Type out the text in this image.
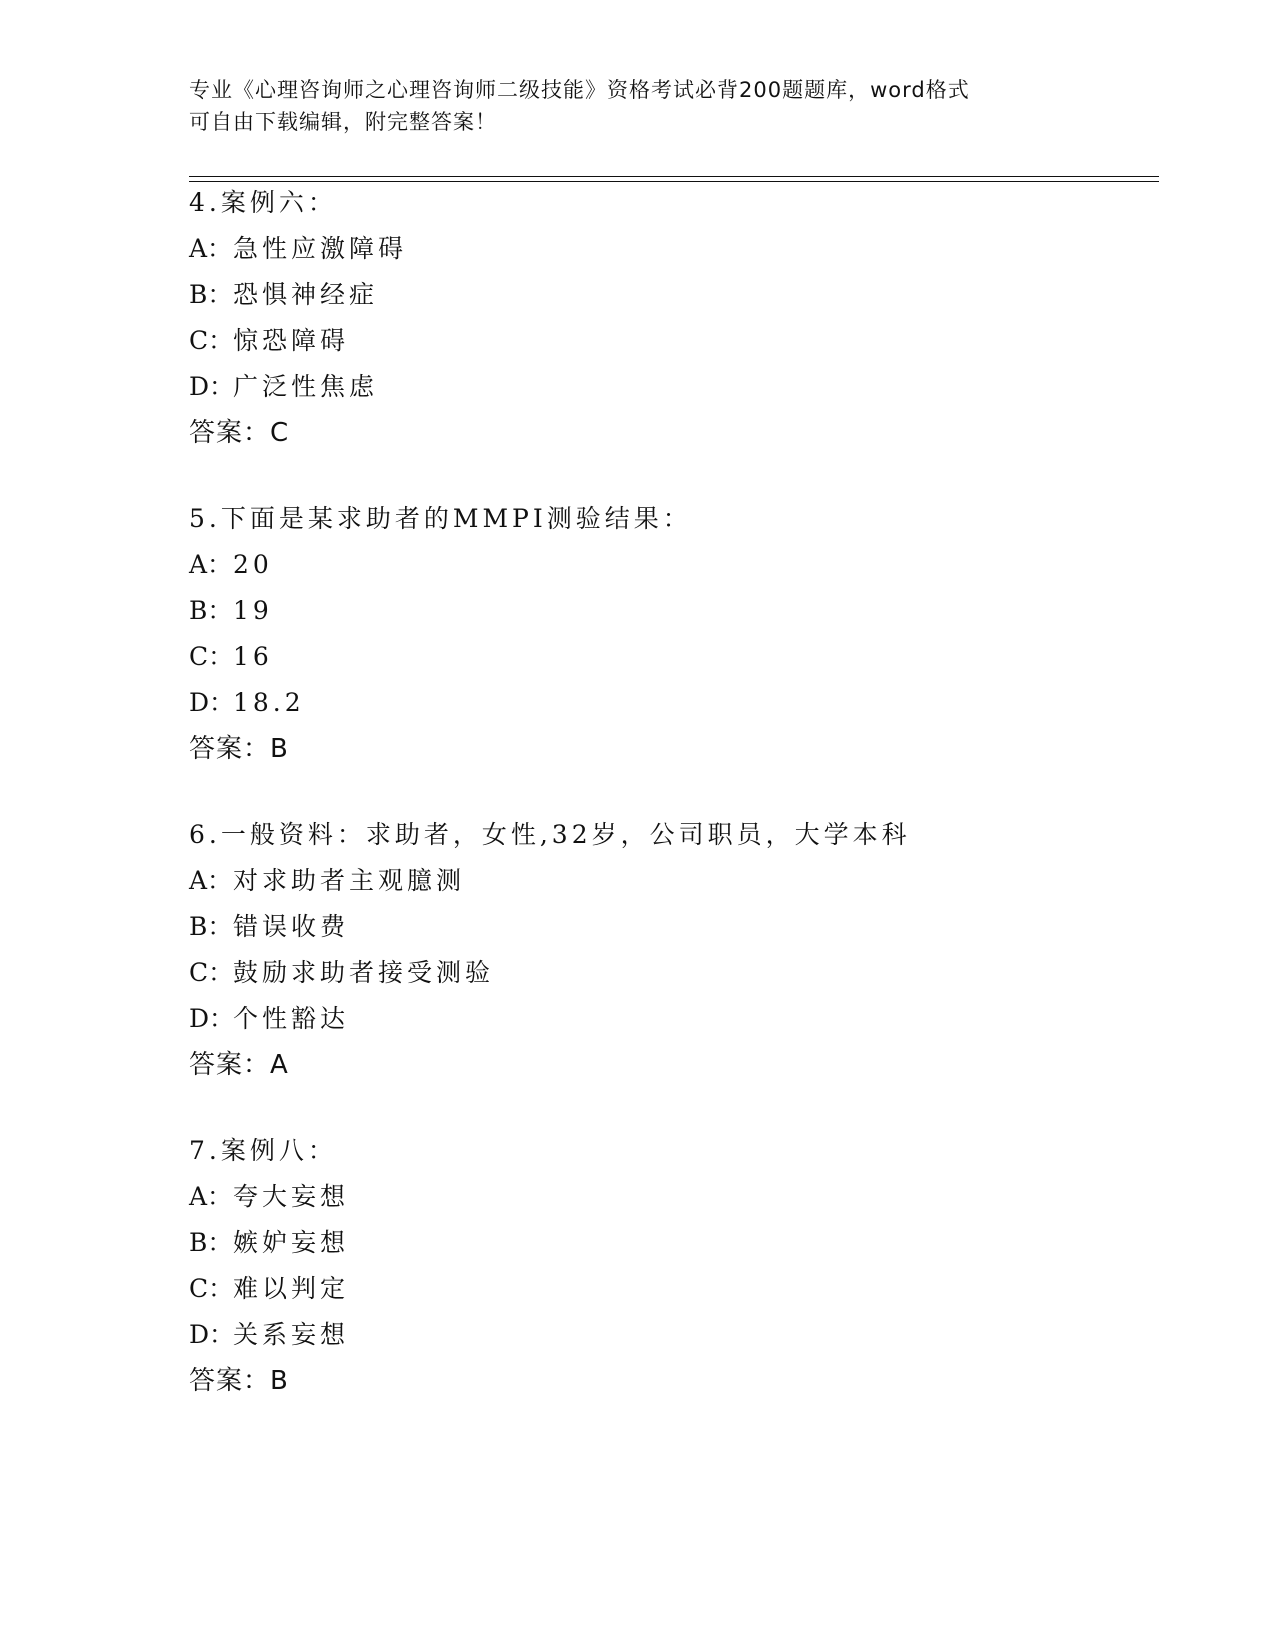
专业《心理咨询师之心理咨询师二级技能》资格考试必背200题题库，word格式
可自由下载编辑，附完整答案！
4.案例六：
A：急性应激障碍
B：恐惧神经症
C：惊恐障碍
D：广泛性焦虑
答案：C
5.下面是某求助者的MMPI测验结果：
A：20
B：19
C：16
D：18.2
答案：B
6.一般资料：求助者，女性,32岁，公司职员，大学本科
A：对求助者主观臆测
B：错误收费
C：鼓励求助者接受测验
D：个性豁达
答案：A
7.案例八：
A：夸大妄想
B：嫉妒妄想
C：难以判定
D：关系妄想
答案：B
